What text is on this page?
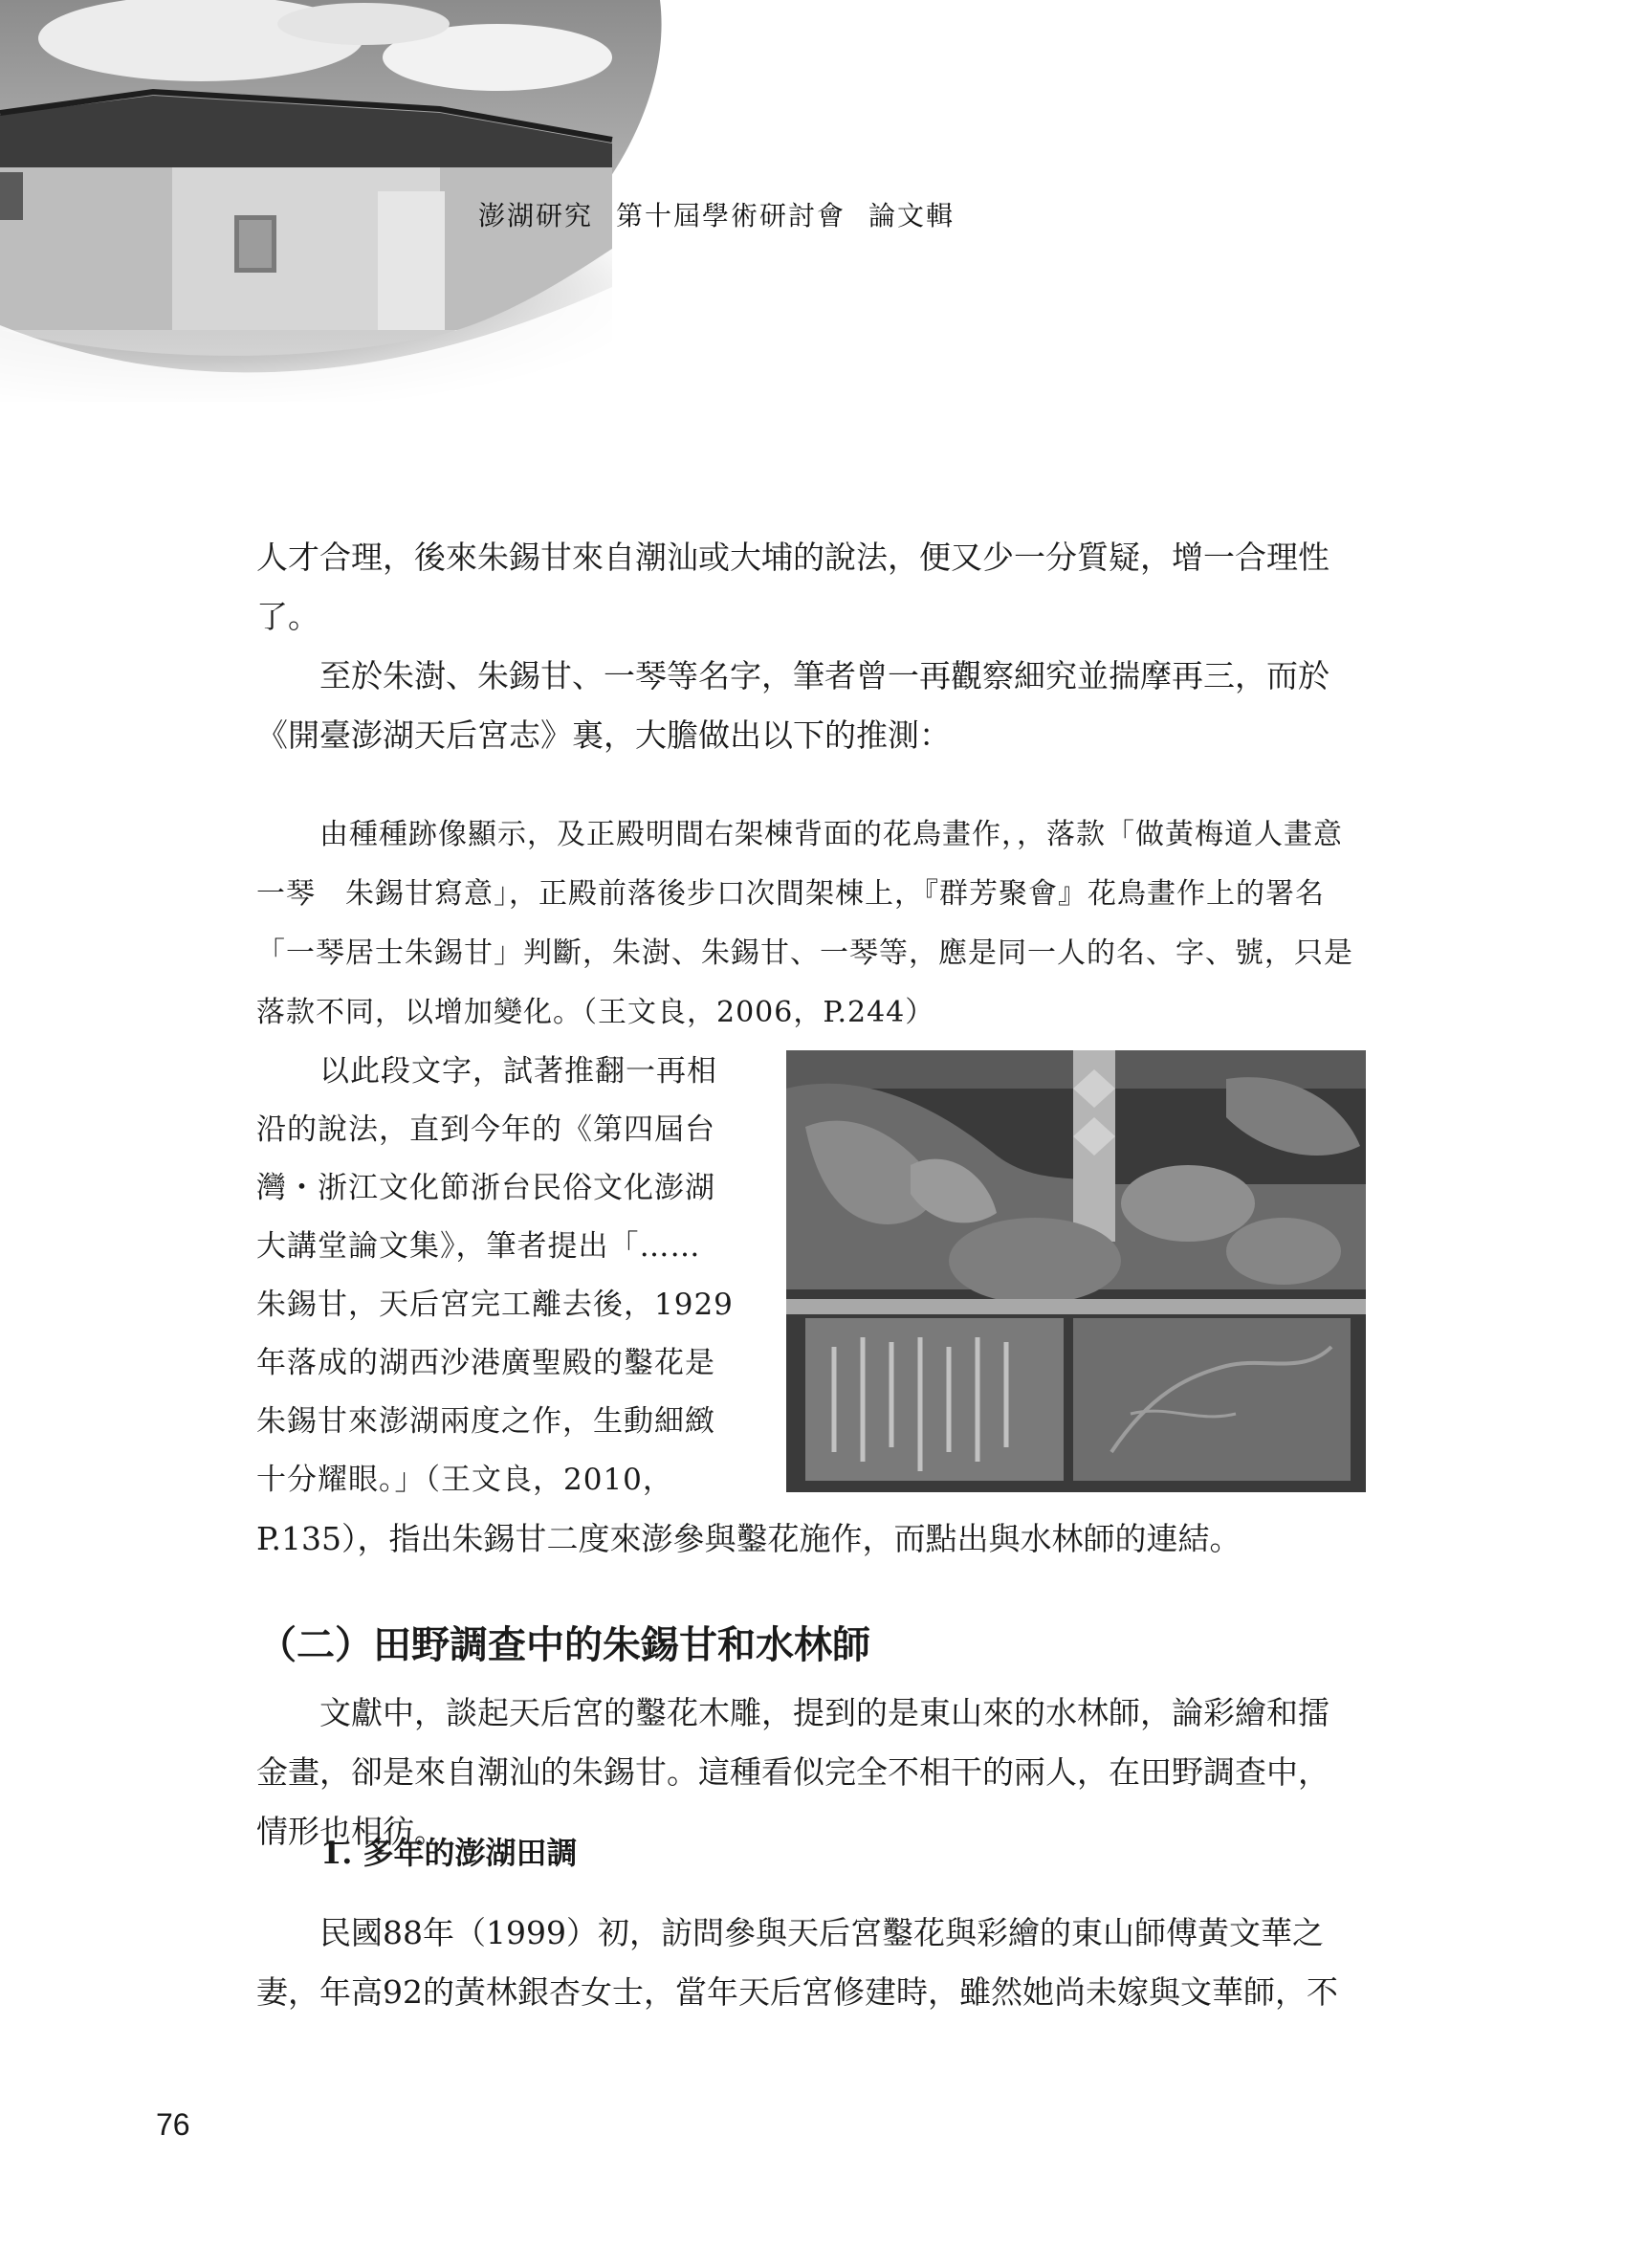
澎湖研究 第十屆學術研討會 論文輯

人才合理，後來朱錫甘來自潮汕或大埔的說法，便又少一分質疑，增一合理性了。

至於朱澍、朱錫甘、一琴等名字，筆者曾一再觀察細究並揣摩再三，而於《開臺澎湖天后宮志》裏，大膽做出以下的推測：

由種種跡像顯示，及正殿明間右架棟背面的花鳥畫作，，落款「做黃梅道人畫意　一琴　朱錫甘寫意」，正殿前落後步口次間架棟上，『群芳聚會』花鳥畫作上的署名「一琴居士朱錫甘」判斷，朱澍、朱錫甘、一琴等，應是同一人的名、字、號，只是落款不同，以增加變化。（王文良，2006，P.244）

以此段文字，試著推翻一再相

沿的說法，直到今年的《第四屆台

灣・浙江文化節浙台民俗文化澎湖

大講堂論文集》，筆者提出「……

朱錫甘，天后宮完工離去後，1929

年落成的湖西沙港廣聖殿的鑿花是

朱錫甘來澎湖兩度之作，生動細緻

十分耀眼。」（王文良，2010，

P.135），指出朱錫甘二度來澎參與鑿花施作，而點出與水林師的連結。

（二）田野調查中的朱錫甘和水林師

文獻中，談起天后宮的鑿花木雕，提到的是東山來的水林師，論彩繪和擂金畫，卻是來自潮汕的朱錫甘。這種看似完全不相干的兩人，在田野調查中，情形也相彷。

1. 多年的澎湖田調

民國88年（1999）初，訪問參與天后宮鑿花與彩繪的東山師傅黃文華之妻，年高92的黃林銀杏女士，當年天后宮修建時，雖然她尚未嫁與文華師，不

76
